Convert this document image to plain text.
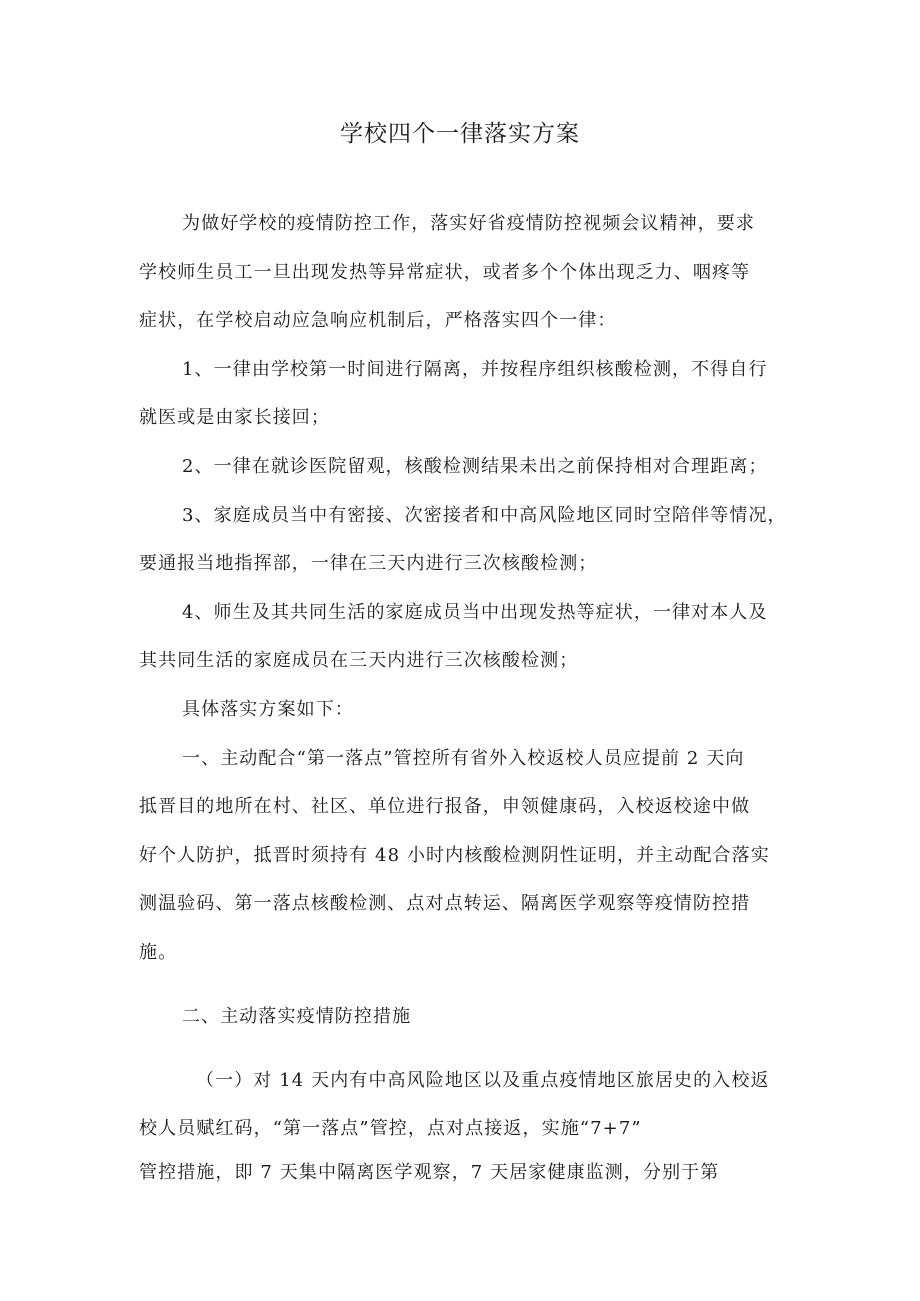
学校四个一律落实方案
为做好学校的疫情防控工作，落实好省疫情防控视频会议精神，要求
学校师生员工一旦出现发热等异常症状，或者多个个体出现乏力、咽疼等
症状，在学校启动应急响应机制后，严格落实四个一律：
1、一律由学校第一时间进行隔离，并按程序组织核酸检测，不得自行
就医或是由家长接回；
2、一律在就诊医院留观，核酸检测结果未出之前保持相对合理距离；
3、家庭成员当中有密接、次密接者和中高风险地区同时空陪伴等情况，
要通报当地指挥部，一律在三天内进行三次核酸检测；
4、师生及其共同生活的家庭成员当中出现发热等症状，一律对本人及
其共同生活的家庭成员在三天内进行三次核酸检测；
具体落实方案如下：
一、主动配合“第一落点”管控所有省外入校返校人员应提前 2 天向
抵晋目的地所在村、社区、单位进行报备，申领健康码，入校返校途中做
好个人防护，抵晋时须持有 48 小时内核酸检测阴性证明，并主动配合落实
测温验码、第一落点核酸检测、点对点转运、隔离医学观察等疫情防控措
施。
二、主动落实疫情防控措施
（一）对 14 天内有中高风险地区以及重点疫情地区旅居史的入校返
校人员赋红码，“第一落点”管控，点对点接返，实施“7+7”
管控措施，即 7 天集中隔离医学观察，7 天居家健康监测，分别于第
